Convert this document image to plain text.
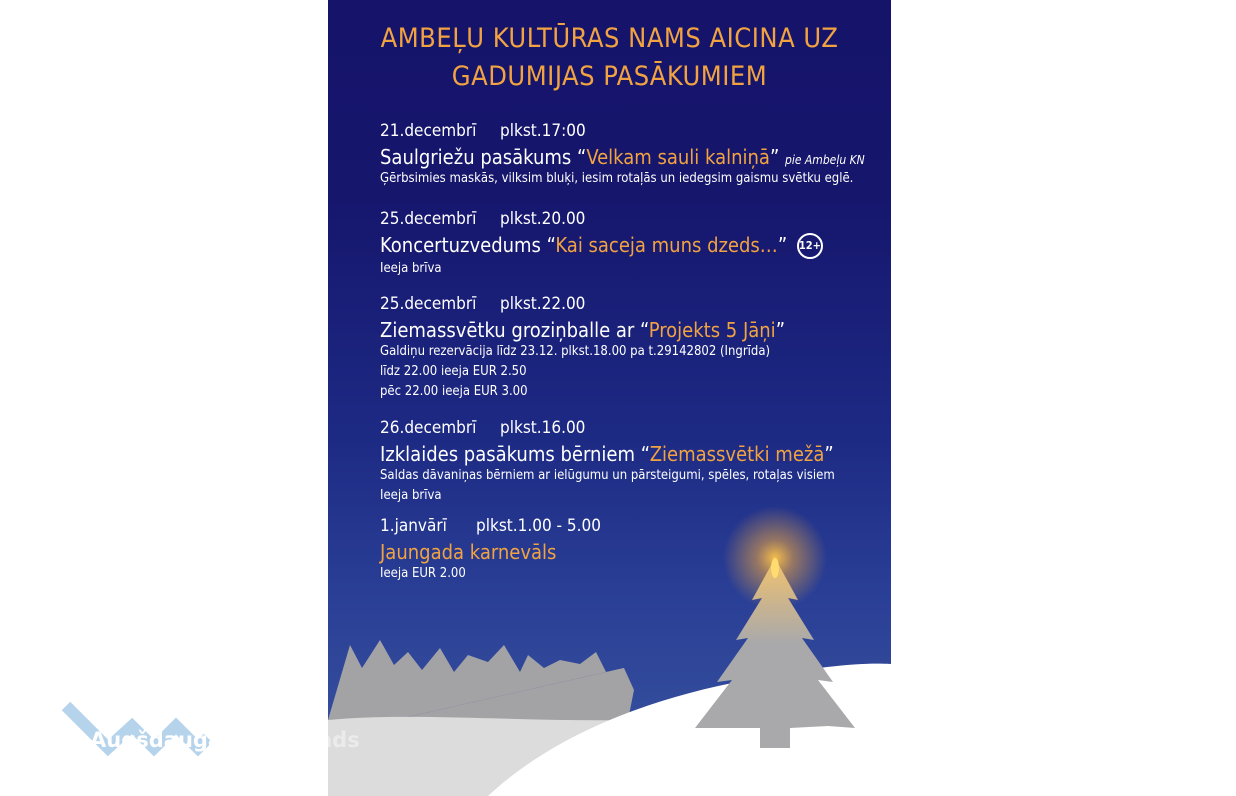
AMBEĻU KULTŪRAS NAMS AICINA UZ
GADUMIJAS PASĀKUMIEM
21.decembrī plkst.17:00
Saulgriežu pasākums “Velkam sauli kalniņā” pie Ambeļu KN
Ģērbsimies maskās, vilksim bluķi, iesim rotaļās un iedegsim gaismu svētku eglē.
25.decembrī plkst.20.00
Koncertuzvedums “Kai saceja muns dzeds…” 12+
Ieeja brīva
25.decembrī plkst.22.00
Ziemassvētku groziņballe ar “Projekts 5 Jāņi”
Galdiņu rezervācija līdz 23.12. plkst.18.00 pa t.29142802 (Ingrīda)
līdz 22.00 ieeja EUR 2.50
pēc 22.00 ieeja EUR 3.00
26.decembrī plkst.16.00
Izklaides pasākums bērniem “Ziemassvētki mežā”
Saldas dāvaniņas bērniem ar ielūgumu un pārsteigumi, spēles, rotaļas visiem
Ieeja brīva
1.janvārī plkst.1.00 - 5.00
Jaungada karnevāls
Ieeja EUR 2.00
Augšdaugava	ads
